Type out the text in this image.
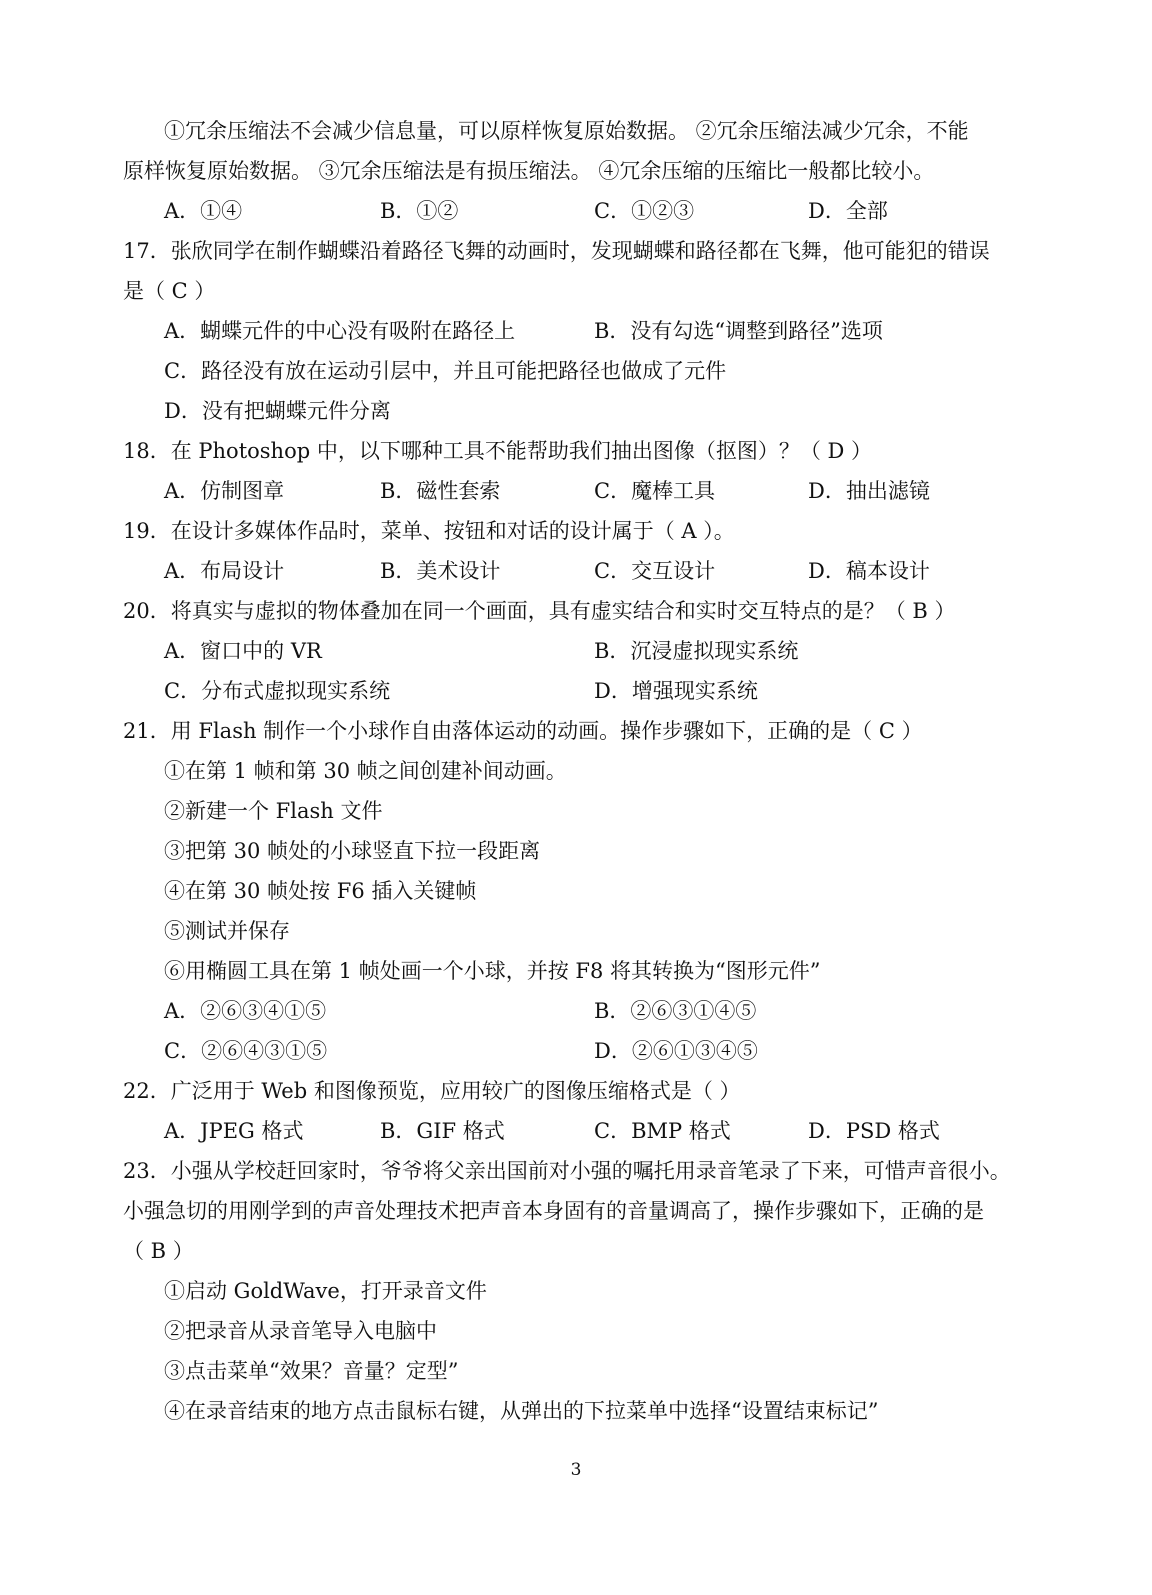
①冗余压缩法不会减少信息量，可以原样恢复原始数据。 ②冗余压缩法减少冗余，不能
原样恢复原始数据。 ③冗余压缩法是有损压缩法。 ④冗余压缩的压缩比一般都比较小。
A．①④	B．①②	C．①②③	D．全部
17．张欣同学在制作蝴蝶沿着路径飞舞的动画时，发现蝴蝶和路径都在飞舞，他可能犯的错误
是（ C ）
A．蝴蝶元件的中心没有吸附在路径上	B．没有勾选“调整到路径”选项
C．路径没有放在运动引层中，并且可能把路径也做成了元件
D．没有把蝴蝶元件分离
18．在 Photoshop 中，以下哪种工具不能帮助我们抽出图像（抠图）？（ D ）
A．仿制图章	B．磁性套索	C．魔棒工具	D．抽出滤镜
19．在设计多媒体作品时，菜单、按钮和对话的设计属于（ A ）。
A．布局设计	B．美术设计	C．交互设计	D．稿本设计
20．将真实与虚拟的物体叠加在同一个画面，具有虚实结合和实时交互特点的是？（ B ）
A．窗口中的 VR	B．沉浸虚拟现实系统
C．分布式虚拟现实系统	D．增强现实系统
21．用 Flash 制作一个小球作自由落体运动的动画。操作步骤如下，正确的是（ C ）
①在第 1 帧和第 30 帧之间创建补间动画。
②新建一个 Flash 文件
③把第 30 帧处的小球竖直下拉一段距离
④在第 30 帧处按 F6 插入关键帧
⑤测试并保存
⑥用椭圆工具在第 1 帧处画一个小球，并按 F8 将其转换为“图形元件”
A．②⑥③④①⑤	B．②⑥③①④⑤
C．②⑥④③①⑤	D．②⑥①③④⑤
22．广泛用于 Web 和图像预览，应用较广的图像压缩格式是（ ）
A．JPEG 格式	B．GIF 格式	C．BMP 格式	D．PSD 格式
23．小强从学校赶回家时，爷爷将父亲出国前对小强的嘱托用录音笔录了下来，可惜声音很小。
小强急切的用刚学到的声音处理技术把声音本身固有的音量调高了，操作步骤如下，正确的是
（ B ）
①启动 GoldWave，打开录音文件
②把录音从录音笔导入电脑中
③点击菜单“效果？音量？定型”
④在录音结束的地方点击鼠标右键，从弹出的下拉菜单中选择“设置结束标记”
3
